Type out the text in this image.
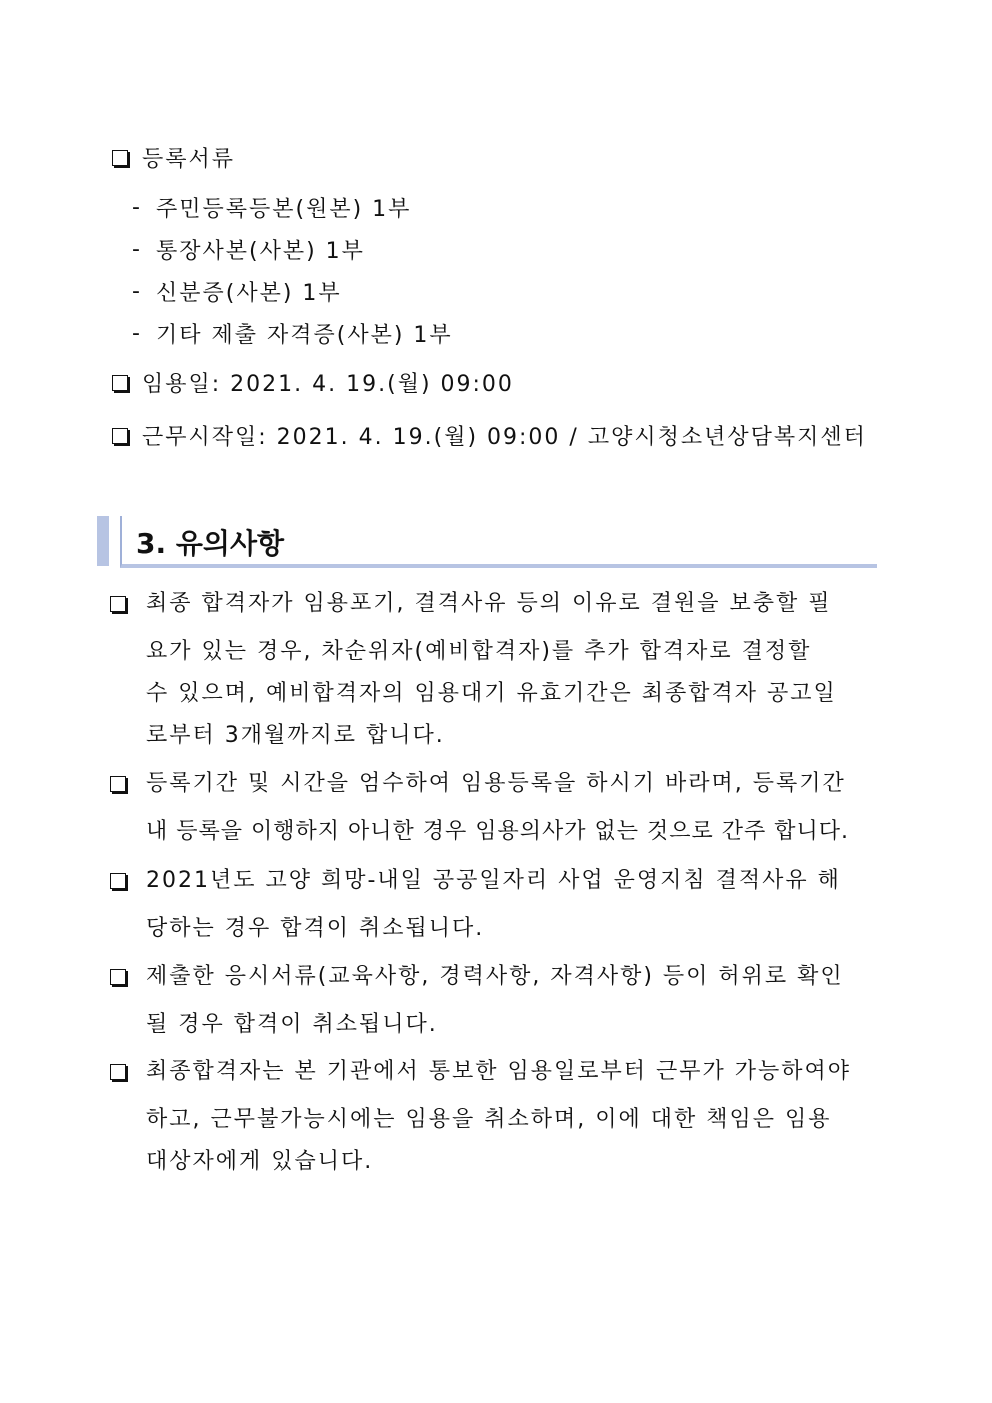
등록서류
- 주민등록등본(원본) 1부
- 통장사본(사본) 1부
- 신분증(사본) 1부
- 기타 제출 자격증(사본) 1부
임용일: 2021. 4. 19.(월) 09:00
근무시작일: 2021. 4. 19.(월) 09:00 / 고양시청소년상담복지센터
3. 유의사항
최종 합격자가 임용포기, 결격사유 등의 이유로 결원을 보충할 필
요가 있는 경우, 차순위자(예비합격자)를 추가 합격자로 결정할
수 있으며, 예비합격자의 임용대기 유효기간은 최종합격자 공고일
로부터 3개월까지로 합니다.
등록기간 및 시간을 엄수하여 임용등록을 하시기 바라며, 등록기간
내 등록을 이행하지 아니한 경우 임용의사가 없는 것으로 간주 합니다.
2021년도 고양 희망-내일 공공일자리 사업 운영지침 결적사유 해
당하는 경우 합격이 취소됩니다.
제출한 응시서류(교육사항, 경력사항, 자격사항) 등이 허위로 확인
될 경우 합격이 취소됩니다.
최종합격자는 본 기관에서 통보한 임용일로부터 근무가 가능하여야
하고, 근무불가능시에는 임용을 취소하며, 이에 대한 책임은 임용
대상자에게 있습니다.
